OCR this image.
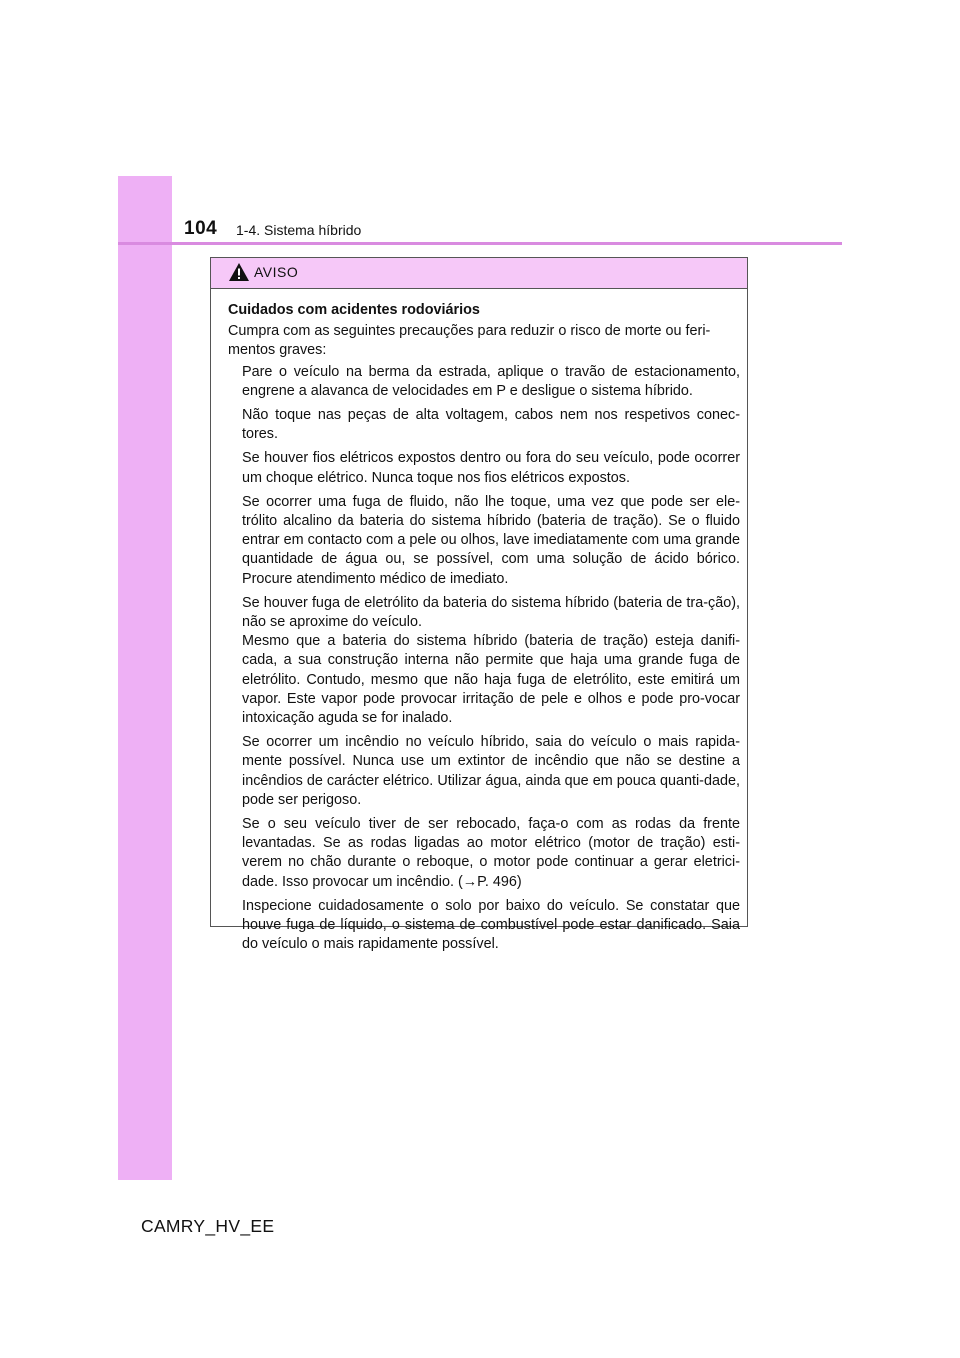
104 1-4. Sistema híbrido
AVISO

Cuidados com acidentes rodoviários

Cumpra com as seguintes precauções para reduzir o risco de morte ou feri-mentos graves:

Pare o veículo na berma da estrada, aplique o travão de estacionamento, engrene a alavanca de velocidades em P e desligue o sistema híbrido.
Não toque nas peças de alta voltagem, cabos nem nos respetivos conec-tores.
Se houver fios elétricos expostos dentro ou fora do seu veículo, pode ocorrer um choque elétrico. Nunca toque nos fios elétricos expostos.
Se ocorrer uma fuga de fluido, não lhe toque, uma vez que pode ser ele-trólito alcalino da bateria do sistema híbrido (bateria de tração). Se o fluido entrar em contacto com a pele ou olhos, lave imediatamente com uma grande quantidade de água ou, se possível, com uma solução de ácido bórico. Procure atendimento médico de imediato.
Se houver fuga de eletrólito da bateria do sistema híbrido (bateria de tra-ção), não se aproxime do veículo.
Mesmo que a bateria do sistema híbrido (bateria de tração) esteja danifi-cada, a sua construção interna não permite que haja uma grande fuga de eletrólito. Contudo, mesmo que não haja fuga de eletrólito, este emitirá um vapor. Este vapor pode provocar irritação de pele e olhos e pode pro-vocar intoxicação aguda se for inalado.
Se ocorrer um incêndio no veículo híbrido, saia do veículo o mais rapida-mente possível. Nunca use um extintor de incêndio que não se destine a incêndios de carácter elétrico. Utilizar água, ainda que em pouca quanti-dade, pode ser perigoso.
Se o seu veículo tiver de ser rebocado, faça-o com as rodas da frente levantadas. Se as rodas ligadas ao motor elétrico (motor de tração) esti-verem no chão durante o reboque, o motor pode continuar a gerar eletrici-dade. Isso provocar um incêndio. (→P. 496)
Inspecione cuidadosamente o solo por baixo do veículo. Se constatar que houve fuga de líquido, o sistema de combustível pode estar danificado. Saia do veículo o mais rapidamente possível.
CAMRY_HV_EE
